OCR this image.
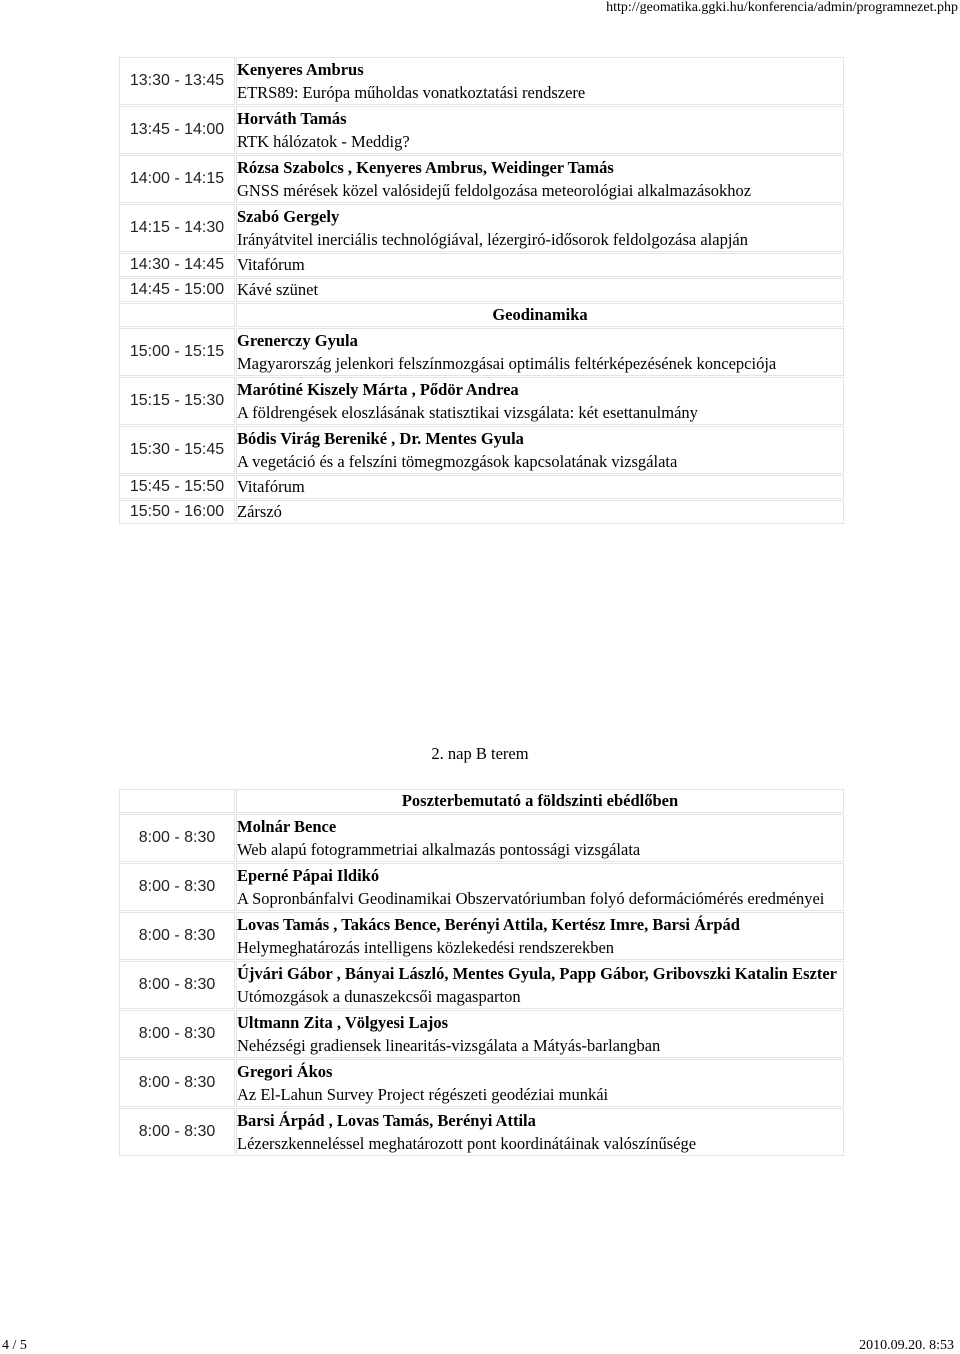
http://geomatika.ggki.hu/konferencia/admin/programnezet.php
13:30 - 13:45	Kenyeres Ambrus
ETRS89: Európa műholdas vonatkoztatási rendszere

13:45 - 14:00	Horváth Tamás
RTK hálózatok - Meddig?

14:00 - 14:15	Rózsa Szabolcs , Kenyeres Ambrus, Weidinger Tamás
GNSS mérések közel valósidejű feldolgozása meteorológiai alkalmazásokhoz

14:15 - 14:30	Szabó Gergely
Irányátvitel inerciális technológiával, lézergiró-idősorok feldolgozása alapján

14:30 - 14:45	Vitafórum
14:45 - 15:00	Kávé szünet
	Geodinamika
15:00 - 15:15	Grenerczy Gyula
Magyarország jelenkori felszínmozgásai optimális feltérképezésének koncepciója

15:15 - 15:30	Marótiné Kiszely Márta , Pődör Andrea
A földrengések eloszlásának statisztikai vizsgálata: két esettanulmány

15:30 - 15:45	Bódis Virág Bereniké , Dr. Mentes Gyula
A vegetáció és a felszíni tömegmozgások kapcsolatának vizsgálata

15:45 - 15:50	Vitafórum
15:50 - 16:00	Zárszó
2. nap B terem
	Poszterbemutató a földszinti ebédlőben
8:00 - 8:30	Molnár Bence
Web alapú fotogrammetriai alkalmazás pontossági vizsgálata

8:00 - 8:30	Eperné Pápai Ildikó
A Sopronbánfalvi Geodinamikai Obszervatóriumban folyó deformációmérés eredményei

8:00 - 8:30	Lovas Tamás , Takács Bence, Berényi Attila, Kertész Imre, Barsi Árpád
Helymeghatározás intelligens közlekedési rendszerekben

8:00 - 8:30	Újvári Gábor , Bányai László, Mentes Gyula, Papp Gábor, Gribovszki Katalin Eszter
Utómozgások a dunaszekcsői magasparton

8:00 - 8:30	Ultmann Zita , Völgyesi Lajos
Nehézségi gradiensek linearitás-vizsgálata a Mátyás-barlangban

8:00 - 8:30	Gregori Ákos
Az El-Lahun Survey Project régészeti geodéziai munkái

8:00 - 8:30	Barsi Árpád , Lovas Tamás, Berényi Attila
Lézerszkenneléssel meghatározott pont koordinátáinak valószínűsége
4 / 5	2010.09.20. 8:53
